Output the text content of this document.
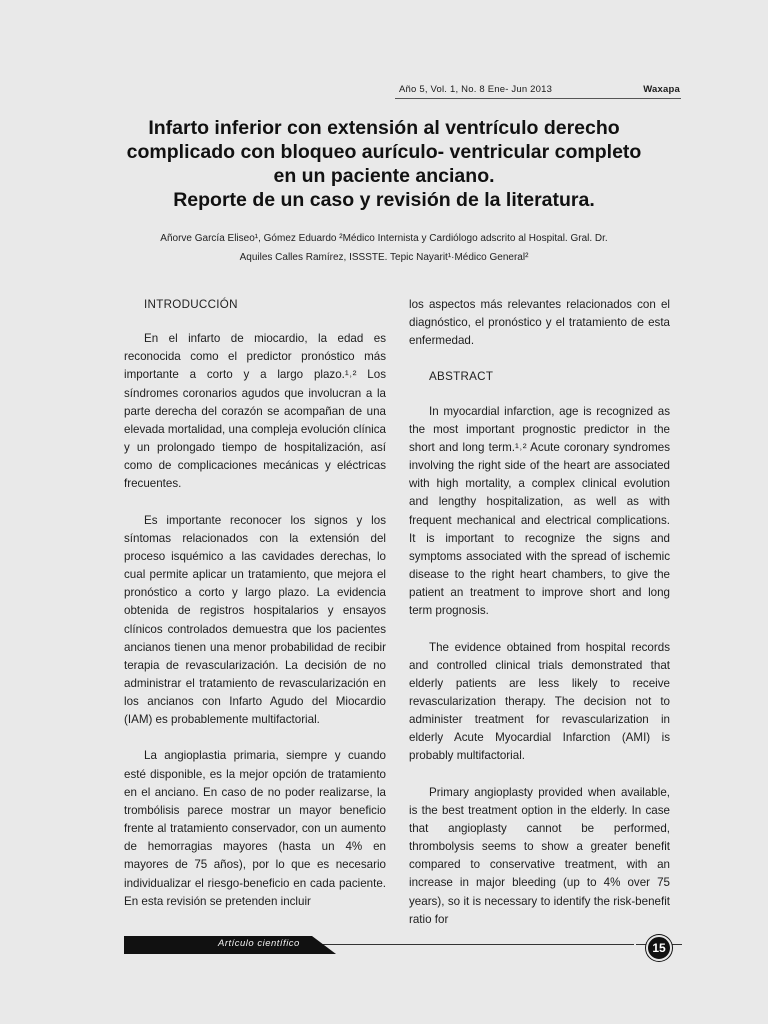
Año 5, Vol. 1, No. 8 Ene- Jun 2013	Waxapa
Infarto inferior con extensión al ventrículo derecho
complicado con bloqueo aurículo- ventricular completo
en un paciente anciano.
Reporte de un caso y revisión de la literatura.
Añorve García Eliseo¹, Gómez Eduardo ²Médico Internista y Cardiólogo adscrito al Hospital. Gral. Dr.
Aquiles Calles Ramírez, ISSSTE. Tepic Nayarit¹·Médico General²
INTRODUCCIÓN

En el infarto de miocardio, la edad es reconocida como el predictor pronóstico más importante a corto y a largo plazo.¹˒² Los síndromes coronarios agudos que involucran a la parte derecha del corazón se acompañan de una elevada mortalidad, una compleja evolución clínica y un prolongado tiempo de hospitalización, así como de complicaciones mecánicas y eléctricas frecuentes.

Es importante reconocer los signos y los síntomas relacionados con la extensión del proceso isquémico a las cavidades derechas, lo cual permite aplicar un tratamiento, que mejora el pronóstico a corto y largo plazo. La evidencia obtenida de registros hospitalarios y ensayos clínicos controlados demuestra que los pacientes ancianos tienen una menor probabilidad de recibir terapia de revascularización. La decisión de no administrar el tratamiento de revascularización en los ancianos con Infarto Agudo del Miocardio (IAM) es probablemente multifactorial.

La angioplastia primaria, siempre y cuando esté disponible, es la mejor opción de tratamiento en el anciano. En caso de no poder realizarse, la trombólisis parece mostrar un mayor beneficio frente al tratamiento conservador, con un aumento de hemorragias mayores (hasta un 4% en mayores de 75 años), por lo que es necesario individualizar el riesgo-beneficio en cada paciente. En esta revisión se pretenden incluir

los aspectos más relevantes relacionados con el diagnóstico, el pronóstico y el tratamiento de esta enfermedad.

ABSTRACT

In myocardial infarction, age is recognized as the most important prognostic predictor in the short and long term.¹˒² Acute coronary syndromes involving the right side of the heart are associated with high mortality, a complex clinical evolution and lengthy hospitalization, as well as with frequent mechanical and electrical complications. It is important to recognize the signs and symptoms associated with the spread of ischemic disease to the right heart chambers, to give the patient an treatment to improve short and long term prognosis.

The evidence obtained from hospital records and controlled clinical trials demonstrated that elderly patients are less likely to receive revascularization therapy. The decision not to administer treatment for revascularization in elderly Acute Myocardial Infarction (AMI) is probably multifactorial.

Primary angioplasty provided when available, is the best treatment option in the elderly. In case that angioplasty cannot be performed, thrombolysis seems to show a greater benefit compared to conservative treatment, with an increase in major bleeding (up to 4% over 75 years), so it is necessary to identify the risk-benefit ratio for

Artículo científico	15
